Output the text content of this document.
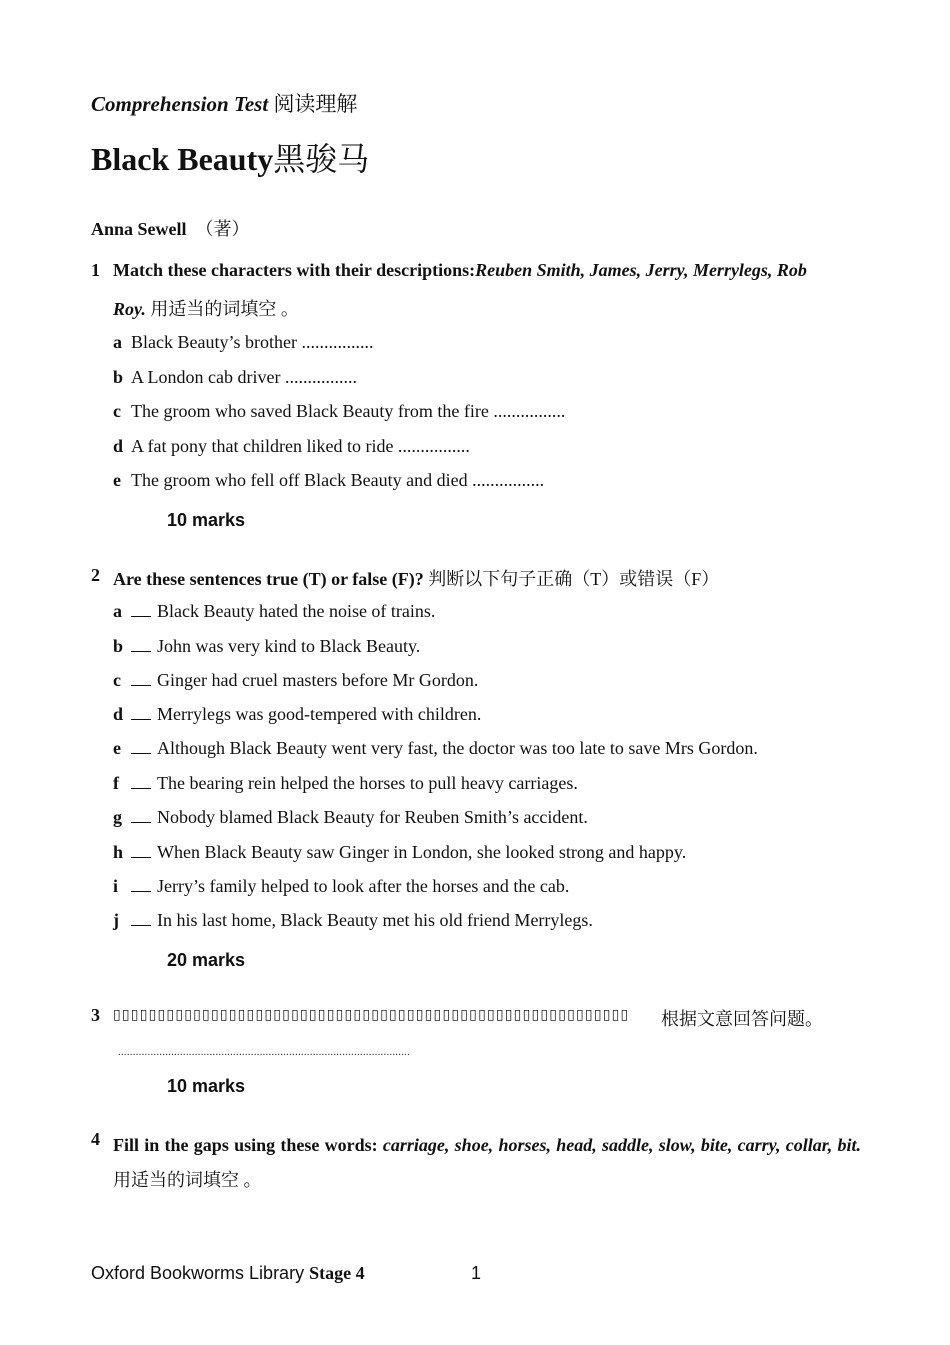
Comprehension Test 阅读理解
Black Beauty黑骏马
Anna Sewell （著）
1 Match these characters with their descriptions:Reuben Smith, James, Jerry, Merrylegs, Rob
Roy. 用适当的词填空 。
a Black Beauty’s brother ................
b A London cab driver ................
c The groom who saved Black Beauty from the fire ................
d A fat pony that children liked to ride ................
e The groom who fell off Black Beauty and died ................
10 marks
2 Are these sentences true (T) or false (F)? 判断以下句子正确（T）或错误（F）
a Black Beauty hated the noise of trains.
b John was very kind to Black Beauty.
c Ginger had cruel masters before Mr Gordon.
d Merrylegs was good-tempered with children.
e Although Black Beauty went very fast, the doctor was too late to save Mrs Gordon.
f The bearing rein helped the horses to pull heavy carriages.
g Nobody blamed Black Beauty for Reuben Smith’s accident.
h When Black Beauty saw Ginger in London, she looked strong and happy.
i Jerry’s family helped to look after the horses and the cab.
j In his last home, Black Beauty met his old friend Merrylegs.
20 marks
3 ▯▯▯▯▯▯▯▯▯▯▯▯▯▯▯▯▯▯▯▯▯▯▯▯▯▯▯▯▯▯▯▯▯▯▯▯▯▯▯▯▯▯▯▯▯▯▯▯▯▯▯▯▯▯▯▯▯▯ 根据文意回答问题。
...................................................................................................
10 marks
4 Fill in the gaps using these words: carriage, shoe, horses, head, saddle, slow, bite, carry, collar, bit. 用适当的词填空 。
Oxford Bookworms Library Stage 4	1
